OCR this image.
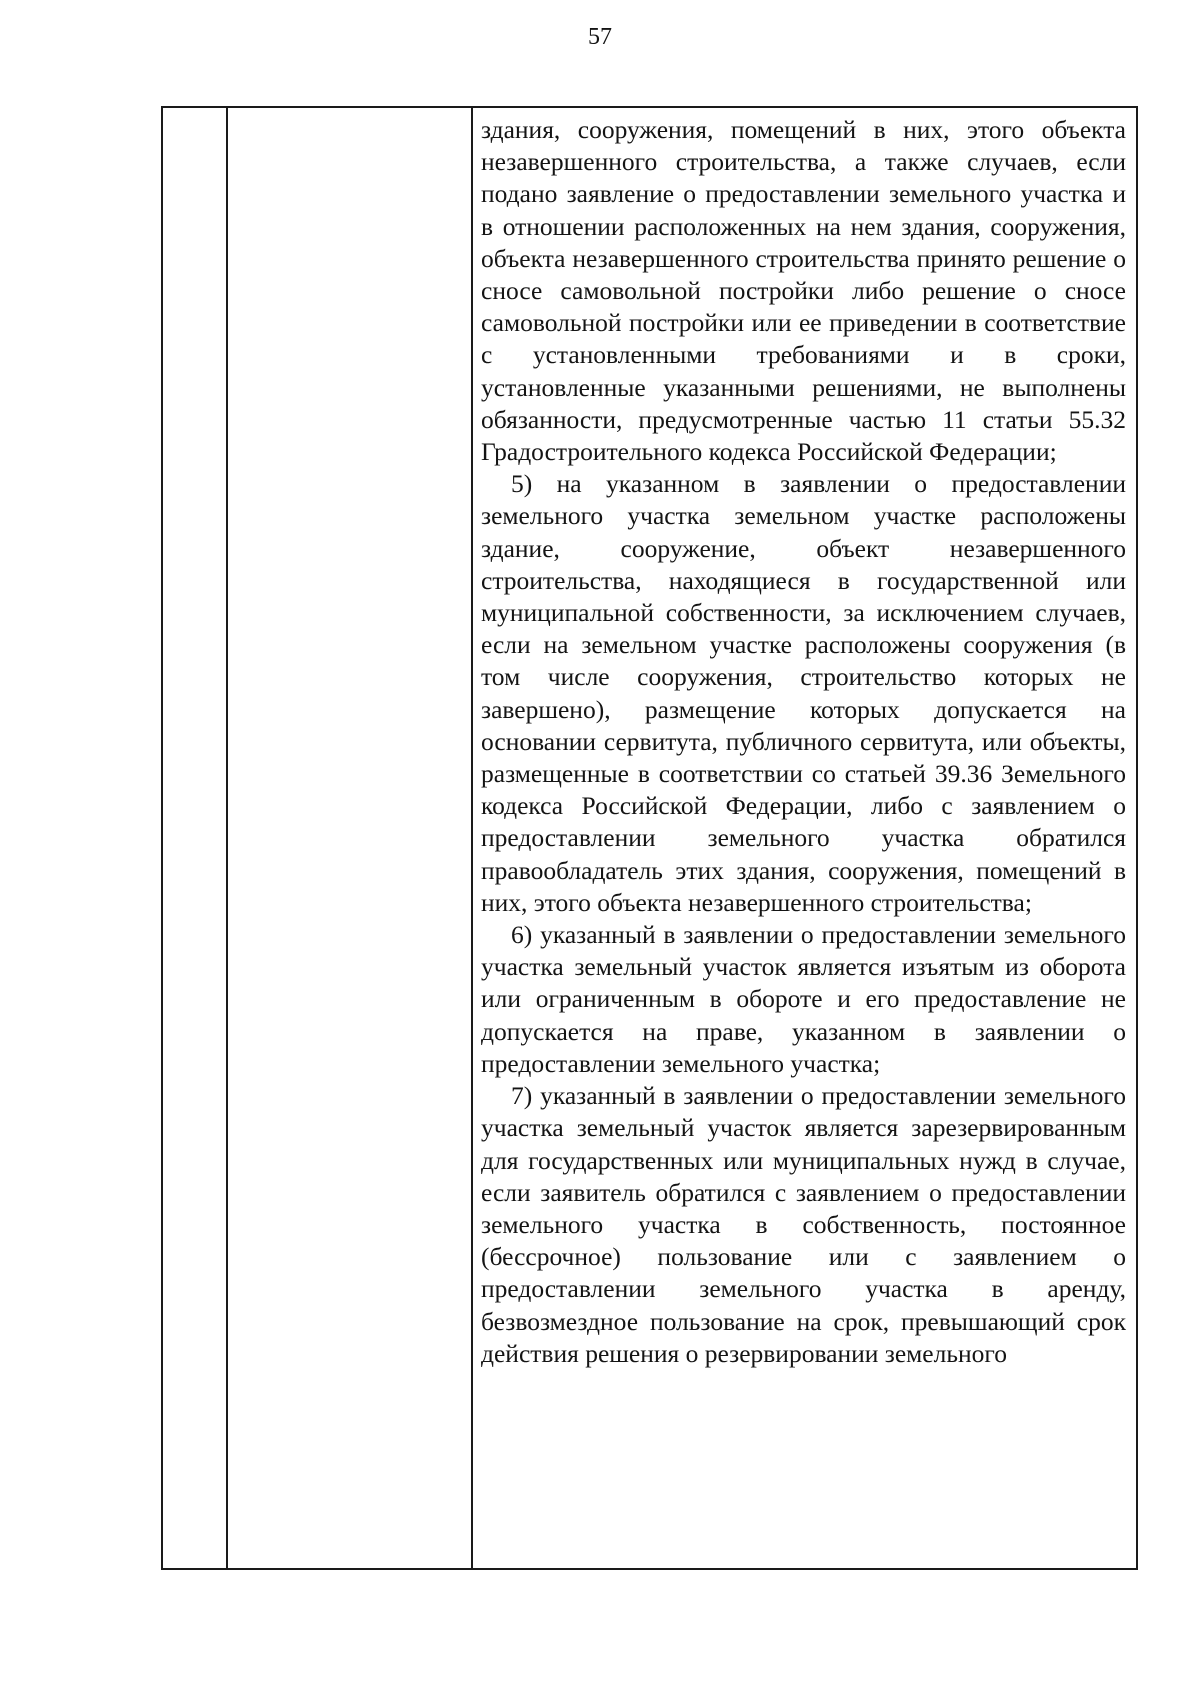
57

здания, сооружения, помещений в них, этого объекта незавершенного строительства, а также случаев, если подано заявление о предоставлении земельного участка и в отношении расположенных на нем здания, сооружения, объекта незавершенного строительства принято решение о сносе самовольной постройки либо решение о сносе самовольной постройки или ее приведении в соответствие с установленными требованиями и в сроки, установленные указанными решениями, не выполнены обязанности, предусмотренные частью 11 статьи 55.32 Градостроительного кодекса Российской Федерации;

5) на указанном в заявлении о предоставлении земельного участка земельном участке расположены здание, сооружение, объект незавершенного строительства, находящиеся в государственной или муниципальной собственности, за исключением случаев, если на земельном участке расположены сооружения (в том числе сооружения, строительство которых не завершено), размещение которых допускается на основании сервитута, публичного сервитута, или объекты, размещенные в соответствии со статьей 39.36 Земельного кодекса Российской Федерации, либо с заявлением о предоставлении земельного участка обратился правообладатель этих здания, сооружения, помещений в них, этого объекта незавершенного строительства;

6) указанный в заявлении о предоставлении земельного участка земельный участок является изъятым из оборота или ограниченным в обороте и его предоставление не допускается на праве, указанном в заявлении о предоставлении земельного участка;

7) указанный в заявлении о предоставлении земельного участка земельный участок является зарезервированным для государственных или муниципальных нужд в случае, если заявитель обратился с заявлением о предоставлении земельного участка в собственность, постоянное (бессрочное) пользование или с заявлением о предоставлении земельного участка в аренду, безвозмездное пользование на срок, превышающий срок действия решения о резервировании земельного
